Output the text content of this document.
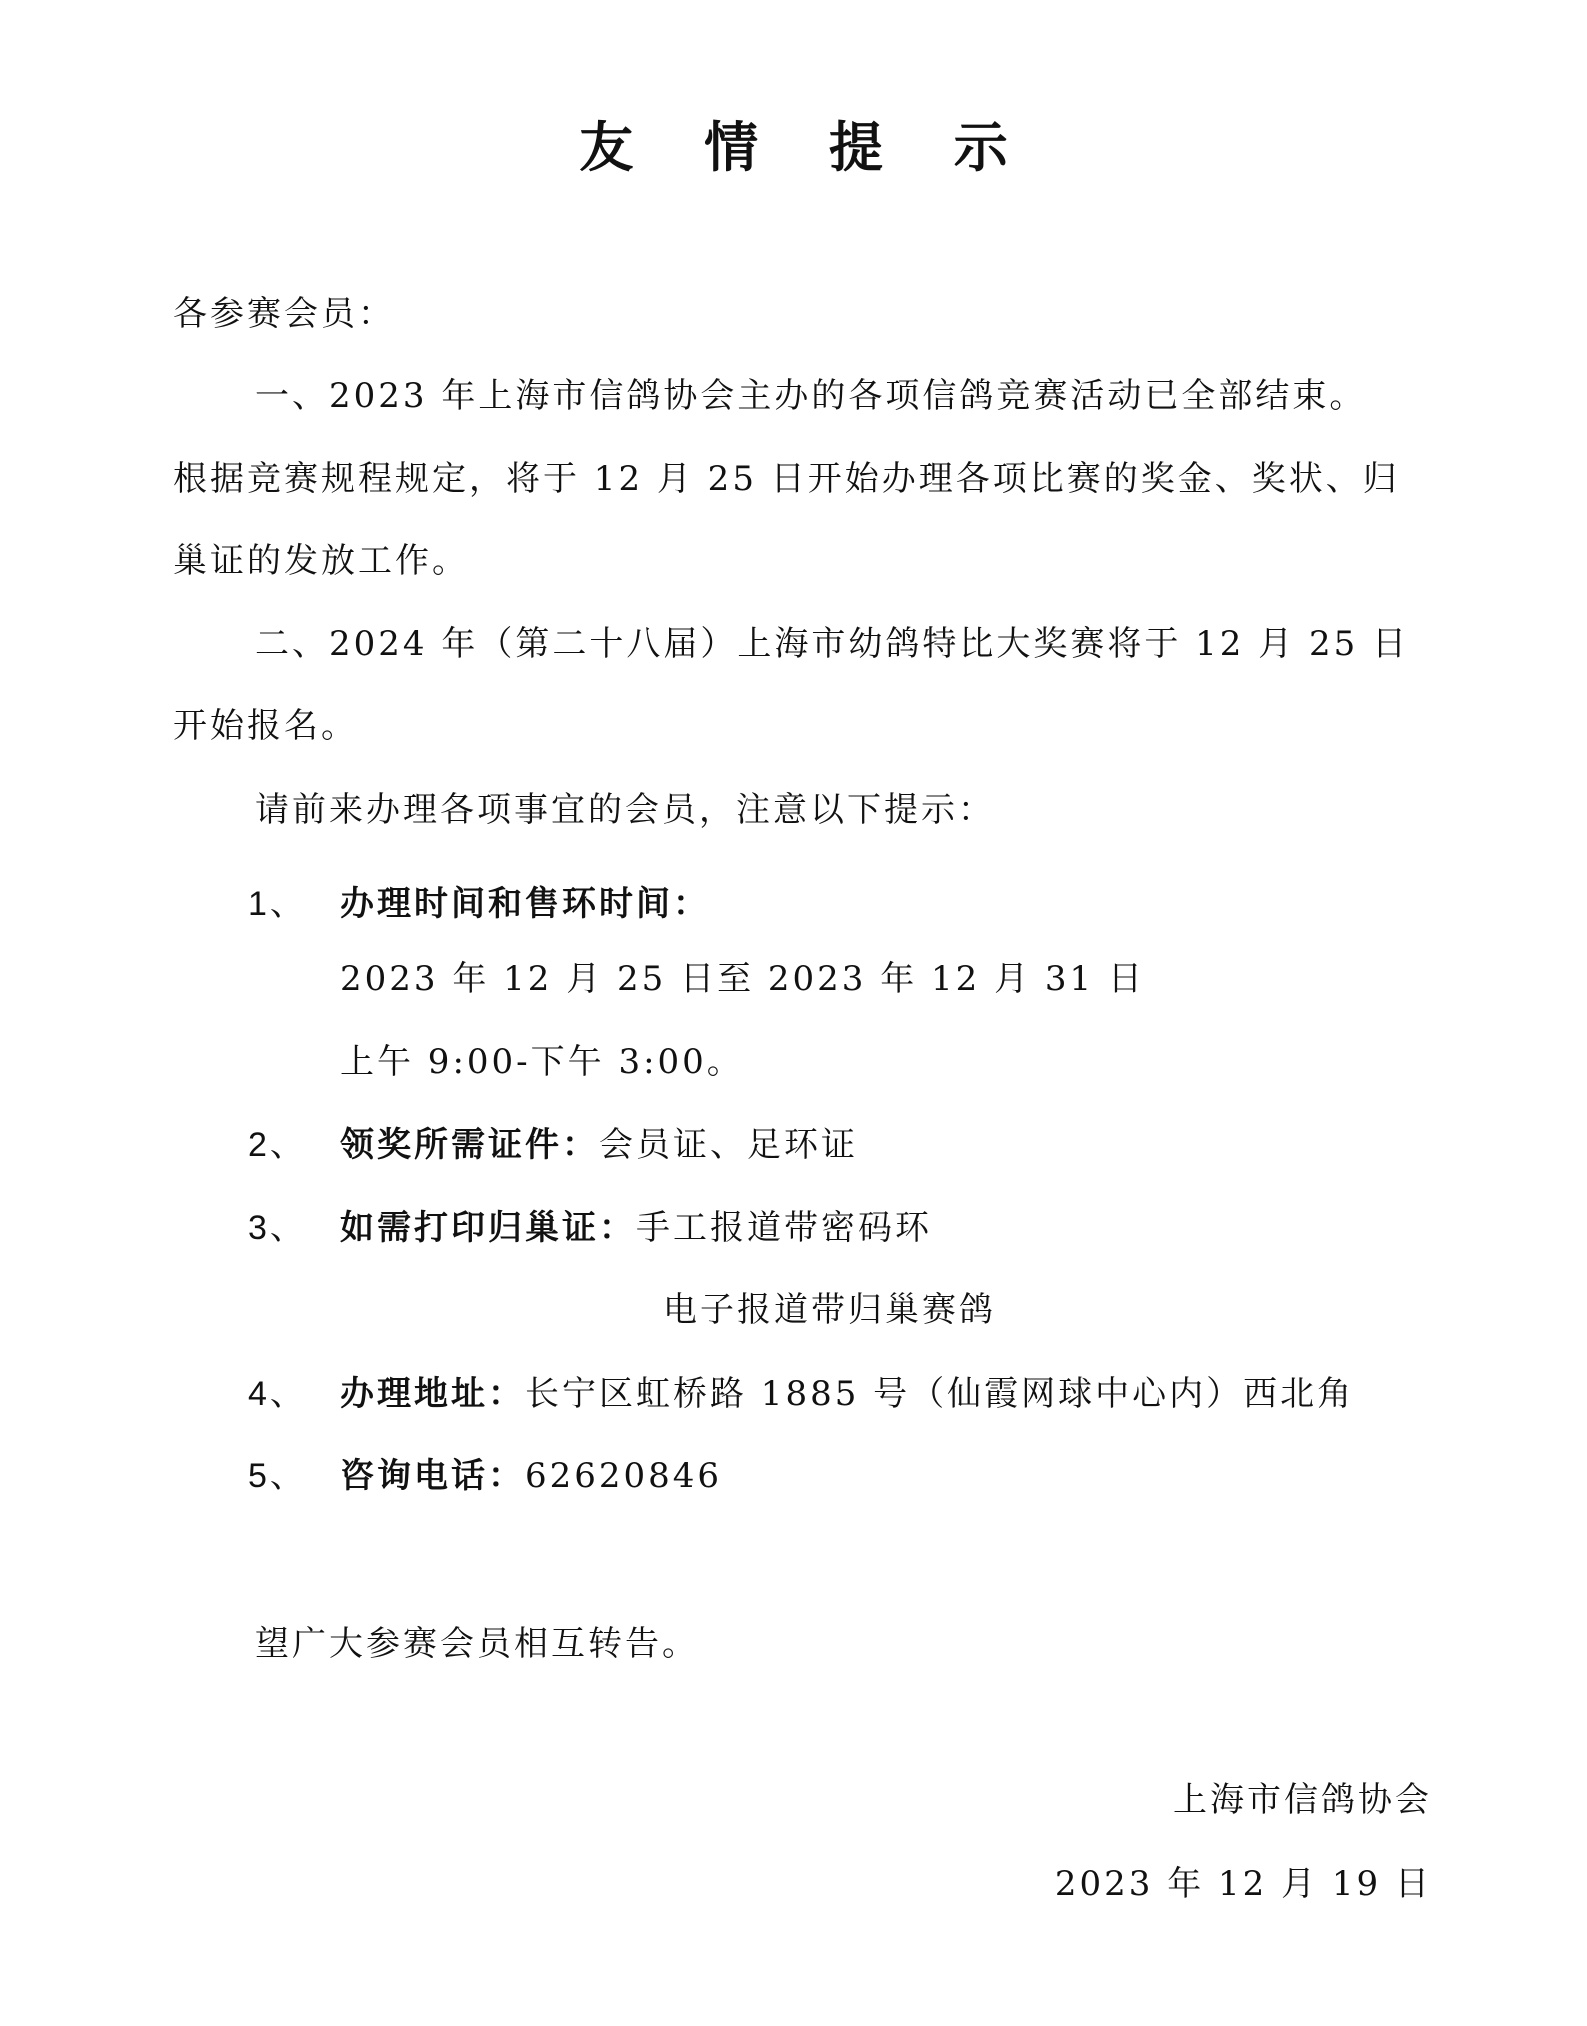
友 情 提 示
各参赛会员：
一、2023 年上海市信鸽协会主办的各项信鸽竞赛活动已全部结束。
根据竞赛规程规定，将于 12 月 25 日开始办理各项比赛的奖金、奖状、归
巢证的发放工作。
二、2024 年（第二十八届）上海市幼鸽特比大奖赛将于 12 月 25 日
开始报名。
请前来办理各项事宜的会员，注意以下提示：
1、 办理时间和售环时间：
2023 年 12 月 25 日至 2023 年 12 月 31 日
上午 9:00-下午 3:00。
2、 领奖所需证件：会员证、足环证
3、 如需打印归巢证：手工报道带密码环
电子报道带归巢赛鸽
4、 办理地址：长宁区虹桥路 1885 号（仙霞网球中心内）西北角
5、 咨询电话：62620846
望广大参赛会员相互转告。
上海市信鸽协会
2023 年 12 月 19 日
